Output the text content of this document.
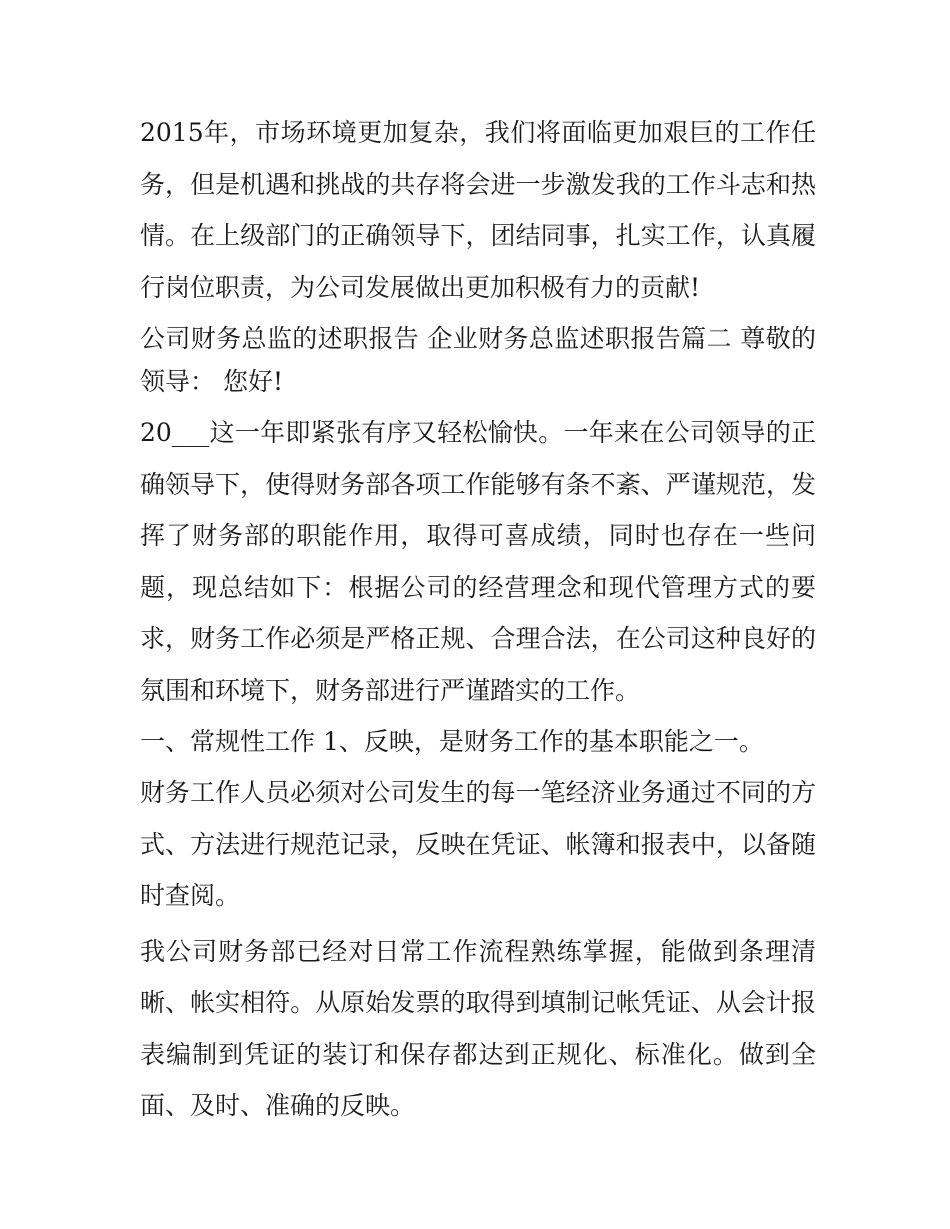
2015年，市场环境更加复杂，我们将面临更加艰巨的工作任务，但是机遇和挑战的共存将会进一步激发我的工作斗志和热情。在上级部门的正确领导下，团结同事，扎实工作，认真履行岗位职责，为公司发展做出更加积极有力的贡献!

公司财务总监的述职报告 企业财务总监述职报告篇二 尊敬的领导： 您好!

20___这一年即紧张有序又轻松愉快。一年来在公司领导的正确领导下，使得财务部各项工作能够有条不紊、严谨规范，发挥了财务部的职能作用，取得可喜成绩，同时也存在一些问题，现总结如下：根据公司的经营理念和现代管理方式的要求，财务工作必须是严格正规、合理合法，在公司这种良好的氛围和环境下，财务部进行严谨踏实的工作。

一、常规性工作 1、反映，是财务工作的基本职能之一。

财务工作人员必须对公司发生的每一笔经济业务通过不同的方式、方法进行规范记录，反映在凭证、帐簿和报表中，以备随时查阅。

我公司财务部已经对日常工作流程熟练掌握，能做到条理清晰、帐实相符。从原始发票的取得到填制记帐凭证、从会计报表编制到凭证的装订和保存都达到正规化、标准化。做到全面、及时、准确的反映。
